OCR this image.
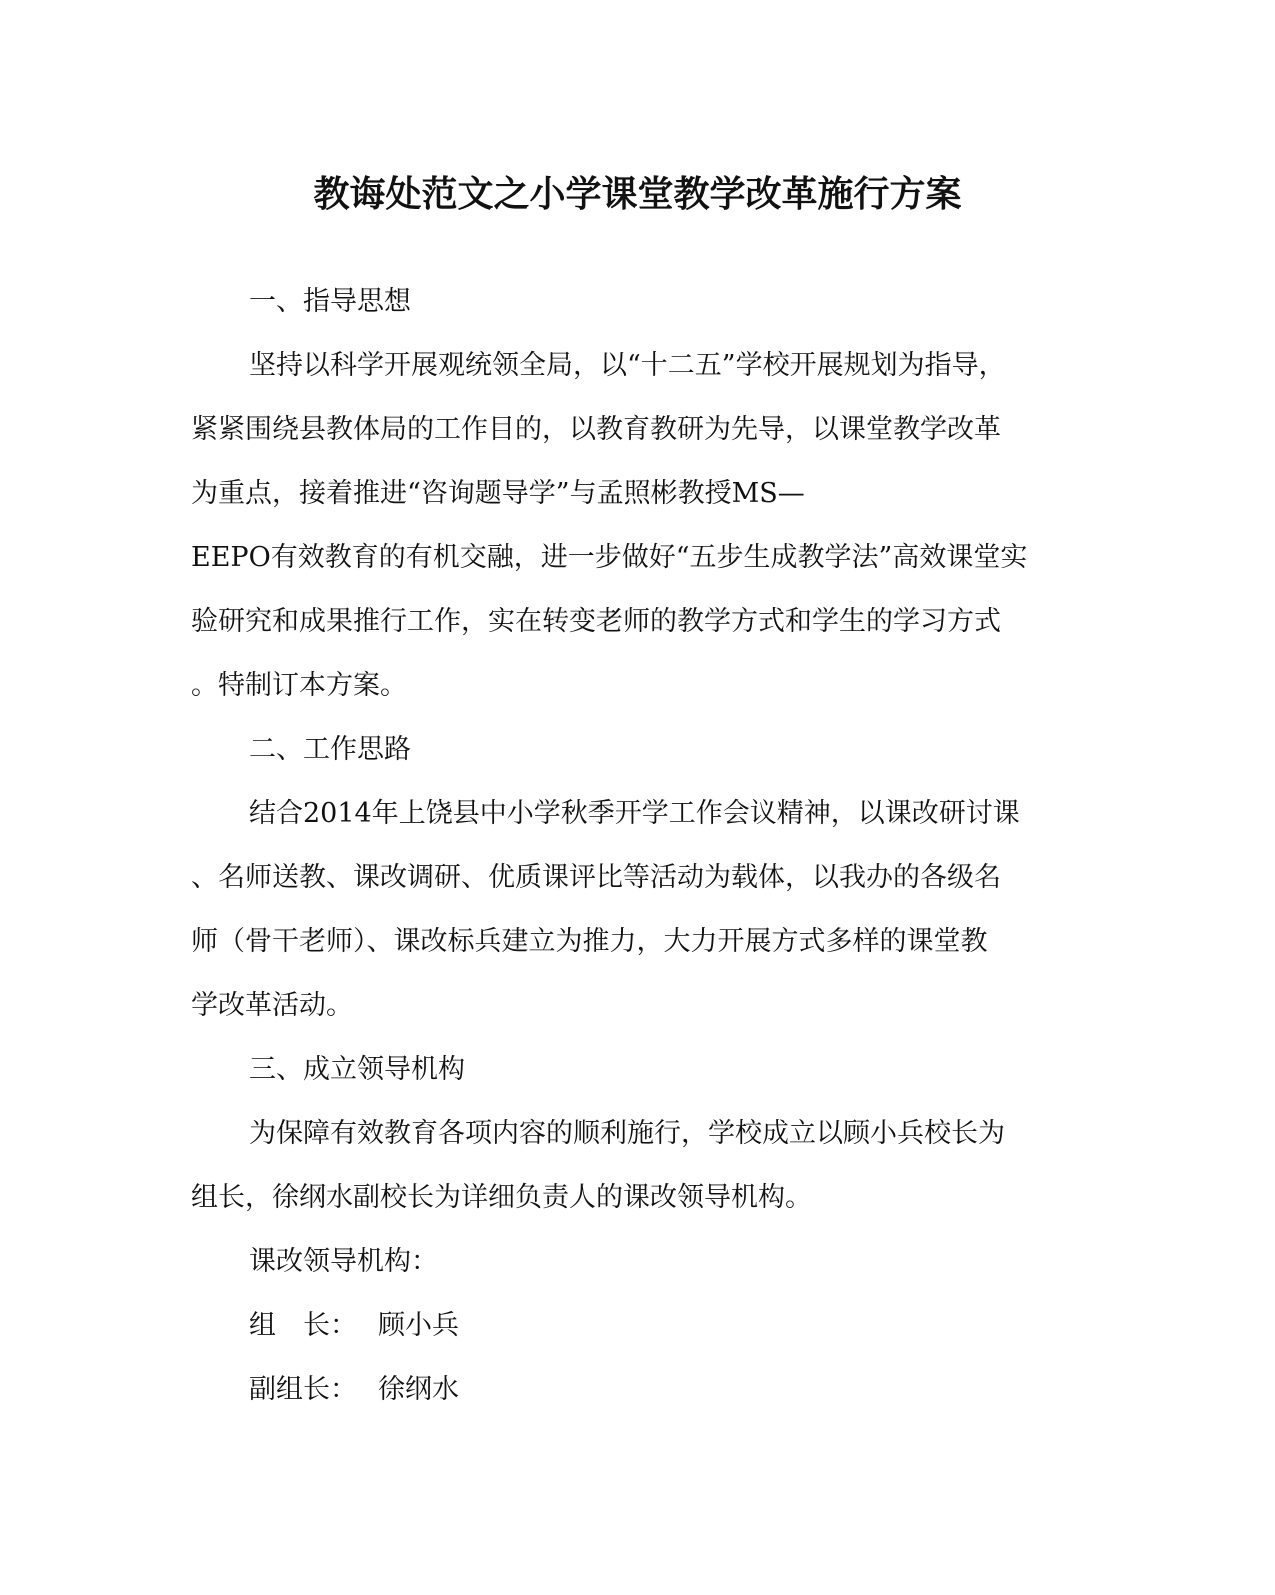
教诲处范文之小学课堂教学改革施行方案
一、指导思想
坚持以科学开展观统领全局，以“十二五”学校开展规划为指导，
紧紧围绕县教体局的工作目的，以教育教研为先导，以课堂教学改革
为重点，接着推进“咨询题导学”与孟照彬教授MS—
EEPO有效教育的有机交融，进一步做好“五步生成教学法”高效课堂实
验研究和成果推行工作，实在转变老师的教学方式和学生的学习方式
。特制订本方案。
二、工作思路
结合2014年上饶县中小学秋季开学工作会议精神，以课改研讨课
、名师送教、课改调研、优质课评比等活动为载体，以我办的各级名
师（骨干老师）、课改标兵建立为推力，大力开展方式多样的课堂教
学改革活动。
三、成立领导机构
为保障有效教育各项内容的顺利施行，学校成立以顾小兵校长为
组长，徐纲水副校长为详细负责人的课改领导机构。
课改领导机构：
组　长： 顾小兵
副组长： 徐纲水
